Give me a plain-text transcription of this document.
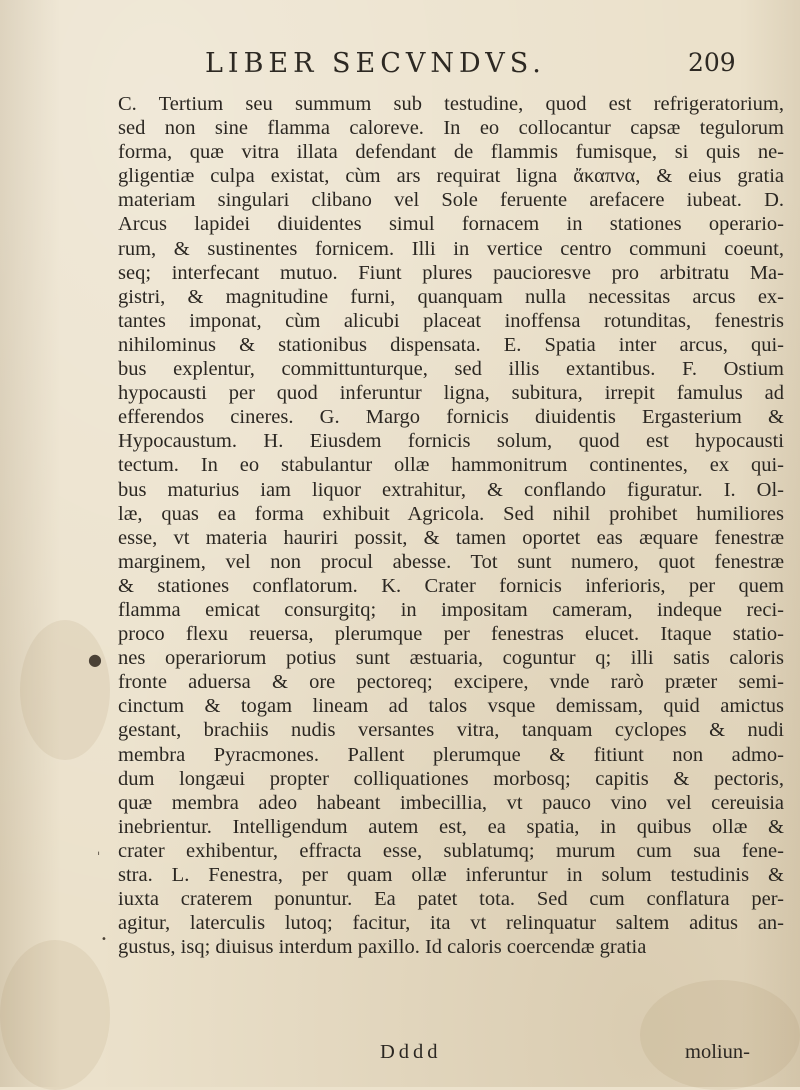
LIBER SECVNDVS.	209
C. Tertium seu summum sub testudine, quod est refrigeratorium,
sed non sine flamma caloreve. In eo collocantur capsæ tegulorum
forma, quæ vitra illata defendant de flammis fumisque, si quis ne-
gligentiæ culpa existat, cùm ars requirat ligna ἄκαπνα, & eius gratia
materiam singulari clibano vel Sole feruente arefacere iubeat. D.
Arcus lapidei diuidentes simul fornacem in stationes operario-
rum, & sustinentes fornicem. Illi in vertice centro communi coeunt,
seq; interfecant mutuo. Fiunt plures paucioresve pro arbitratu Ma-
gistri, & magnitudine furni, quanquam nulla necessitas arcus ex-
tantes imponat, cùm alicubi placeat inoffensa rotunditas, fenestris
nihilominus & stationibus dispensata. E. Spatia inter arcus, qui-
bus explentur, committunturque, sed illis extantibus. F. Ostium
hypocausti per quod inferuntur ligna, subitura, irrepit famulus ad
efferendos cineres. G. Margo fornicis diuidentis Ergasterium &
Hypocaustum. H. Eiusdem fornicis solum, quod est hypocausti
tectum. In eo stabulantur ollæ hammonitrum continentes, ex qui-
bus maturius iam liquor extrahitur, & conflando figuratur. I. Ol-
læ, quas ea forma exhibuit Agricola. Sed nihil prohibet humiliores
esse, vt materia hauriri possit, & tamen oportet eas æquare fenestræ
marginem, vel non procul abesse. Tot sunt numero, quot fenestræ
& stationes conflatorum. K. Crater fornicis inferioris, per quem
flamma emicat consurgitq; in impositam cameram, indeque reci-
proco flexu reuersa, plerumque per fenestras elucet. Itaque statio-
nes operariorum potius sunt æstuaria, coguntur q; illi satis caloris
fronte aduersa & ore pectoreq; excipere, vnde rarò præter semi-
cinctum & togam lineam ad talos vsque demissam, quid amictus
gestant, brachiis nudis versantes vitra, tanquam cyclopes & nudi
membra Pyracmones. Pallent plerumque & fitiunt non admo-
dum longæui propter colliquationes morbosq; capitis & pectoris,
quæ membra adeo habeant imbecillia, vt pauco vino vel cereuisia
inebrientur. Intelligendum autem est, ea spatia, in quibus ollæ &
crater exhibentur, effracta esse, sublatumq; murum cum sua fene-
stra. L. Fenestra, per quam ollæ inferuntur in solum testudinis &
iuxta craterem ponuntur. Ea patet tota. Sed cum conflatura per-
agitur, laterculis lutoq; facitur, ita vt relinquatur saltem aditus an-
gustus, isq; diuisus interdum paxillo. Id caloris coercendæ gratia
●
ˈ
•
Dddd	moliun-
